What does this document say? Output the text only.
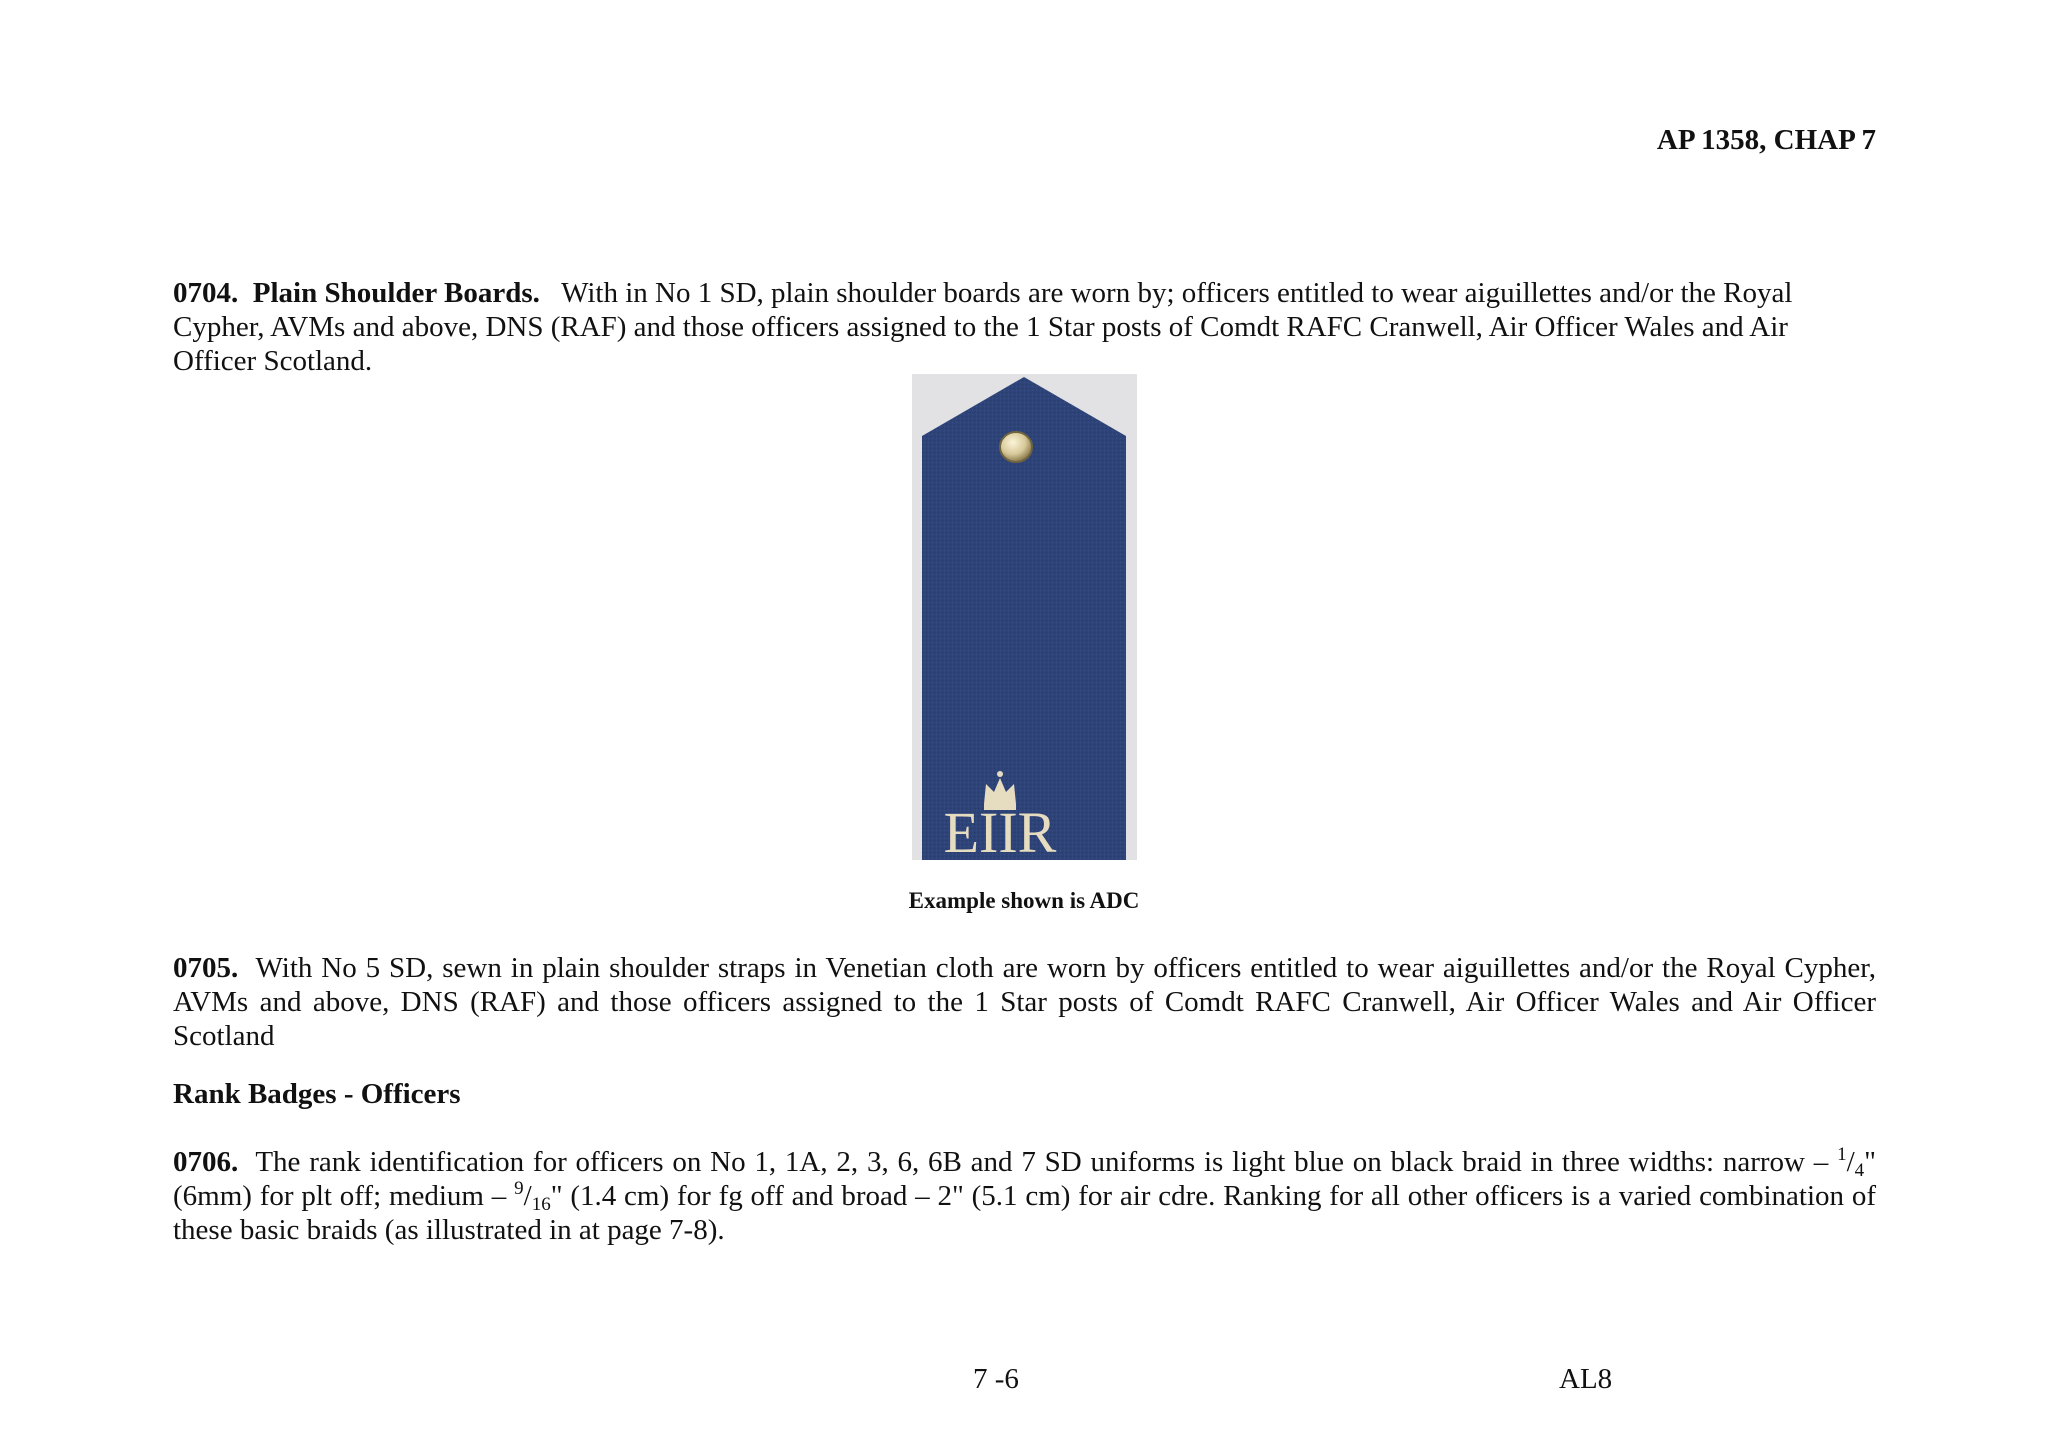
AP 1358, CHAP 7

0704. Plain Shoulder Boards. With in No 1 SD, plain shoulder boards are worn by; officers entitled to wear aiguillettes and/or the Royal Cypher, AVMs and above, DNS (RAF) and those officers assigned to the 1 Star posts of Comdt RAFC Cranwell, Air Officer Wales and Air Officer Scotland.

EIIR
Example shown is ADC

0705. With No 5 SD, sewn in plain shoulder straps in Venetian cloth are worn by officers entitled to wear aiguillettes and/or the Royal Cypher, AVMs and above, DNS (RAF) and those officers assigned to the 1 Star posts of Comdt RAFC Cranwell, Air Officer Wales and Air Officer Scotland

Rank Badges - Officers

0706. The rank identification for officers on No 1, 1A, 2, 3, 6, 6B and 7 SD uniforms is light blue on black braid in three widths: narrow – $^1/_4$" (6mm) for plt off; medium – $^9/_{16}$" (1.4 cm) for fg off and broad – 2" (5.1 cm) for air cdre. Ranking for all other officers is a varied combination of these basic braids (as illustrated in at page 7-8).

7 -6	AL8
